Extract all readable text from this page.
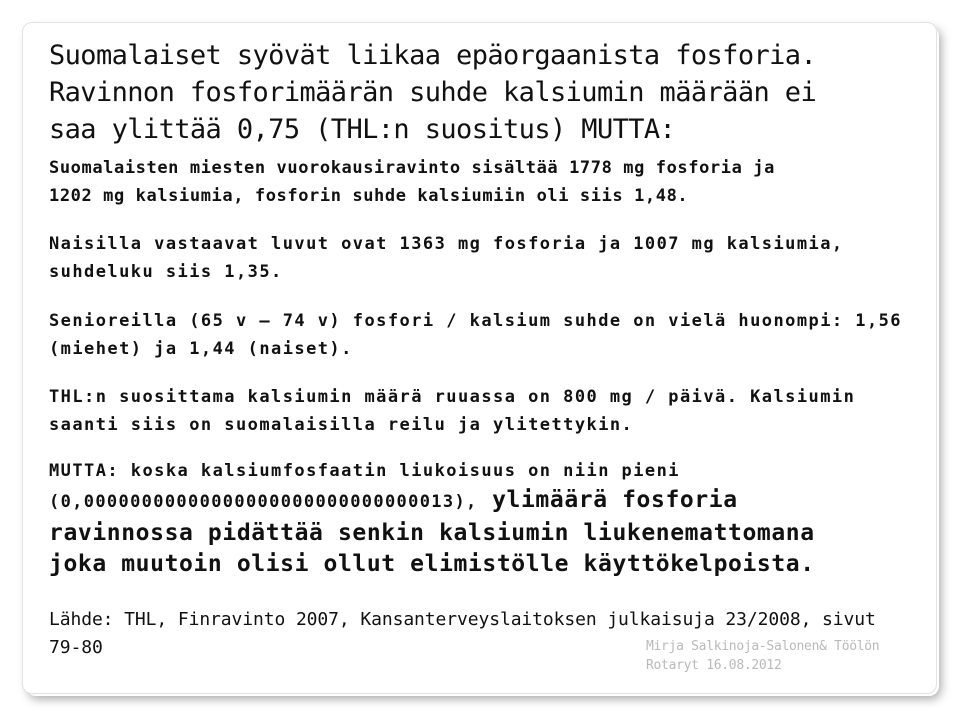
Suomalaiset syövät liikaa epäorgaanista fosforia.
Ravinnon fosforimäärän suhde kalsiumin määrään ei
saa ylittää 0,75 (THL:n suositus) MUTTA:
Suomalaisten miesten vuorokausiravinto sisältää 1778 mg fosforia ja
1202 mg kalsiumia, fosforin suhde kalsiumiin oli siis 1,48.
Naisilla vastaavat luvut ovat 1363 mg fosforia ja 1007 mg kalsiumia,
suhdeluku siis 1,35.
Senioreilla (65 v – 74 v) fosfori / kalsium suhde on vielä huonompi: 1,56
(miehet) ja 1,44 (naiset).
THL:n suosittama kalsiumin määrä ruuassa on 800 mg / päivä. Kalsiumin
saanti siis on suomalaisilla reilu ja ylitettykin.
MUTTA: koska kalsiumfosfaatin liukoisuus on niin pieni
(0,00000000000000000000000000000013), ylimäärä fosforia
ravinnossa pidättää senkin kalsiumin liukenemattomana
joka muutoin olisi ollut elimistölle käyttökelpoista.
Lähde: THL, Finravinto 2007, Kansanterveyslaitoksen julkaisuja 23/2008, sivut
79-80	Mirja Salkinoja-Salonen& Töölön
Rotaryt 16.08.2012
